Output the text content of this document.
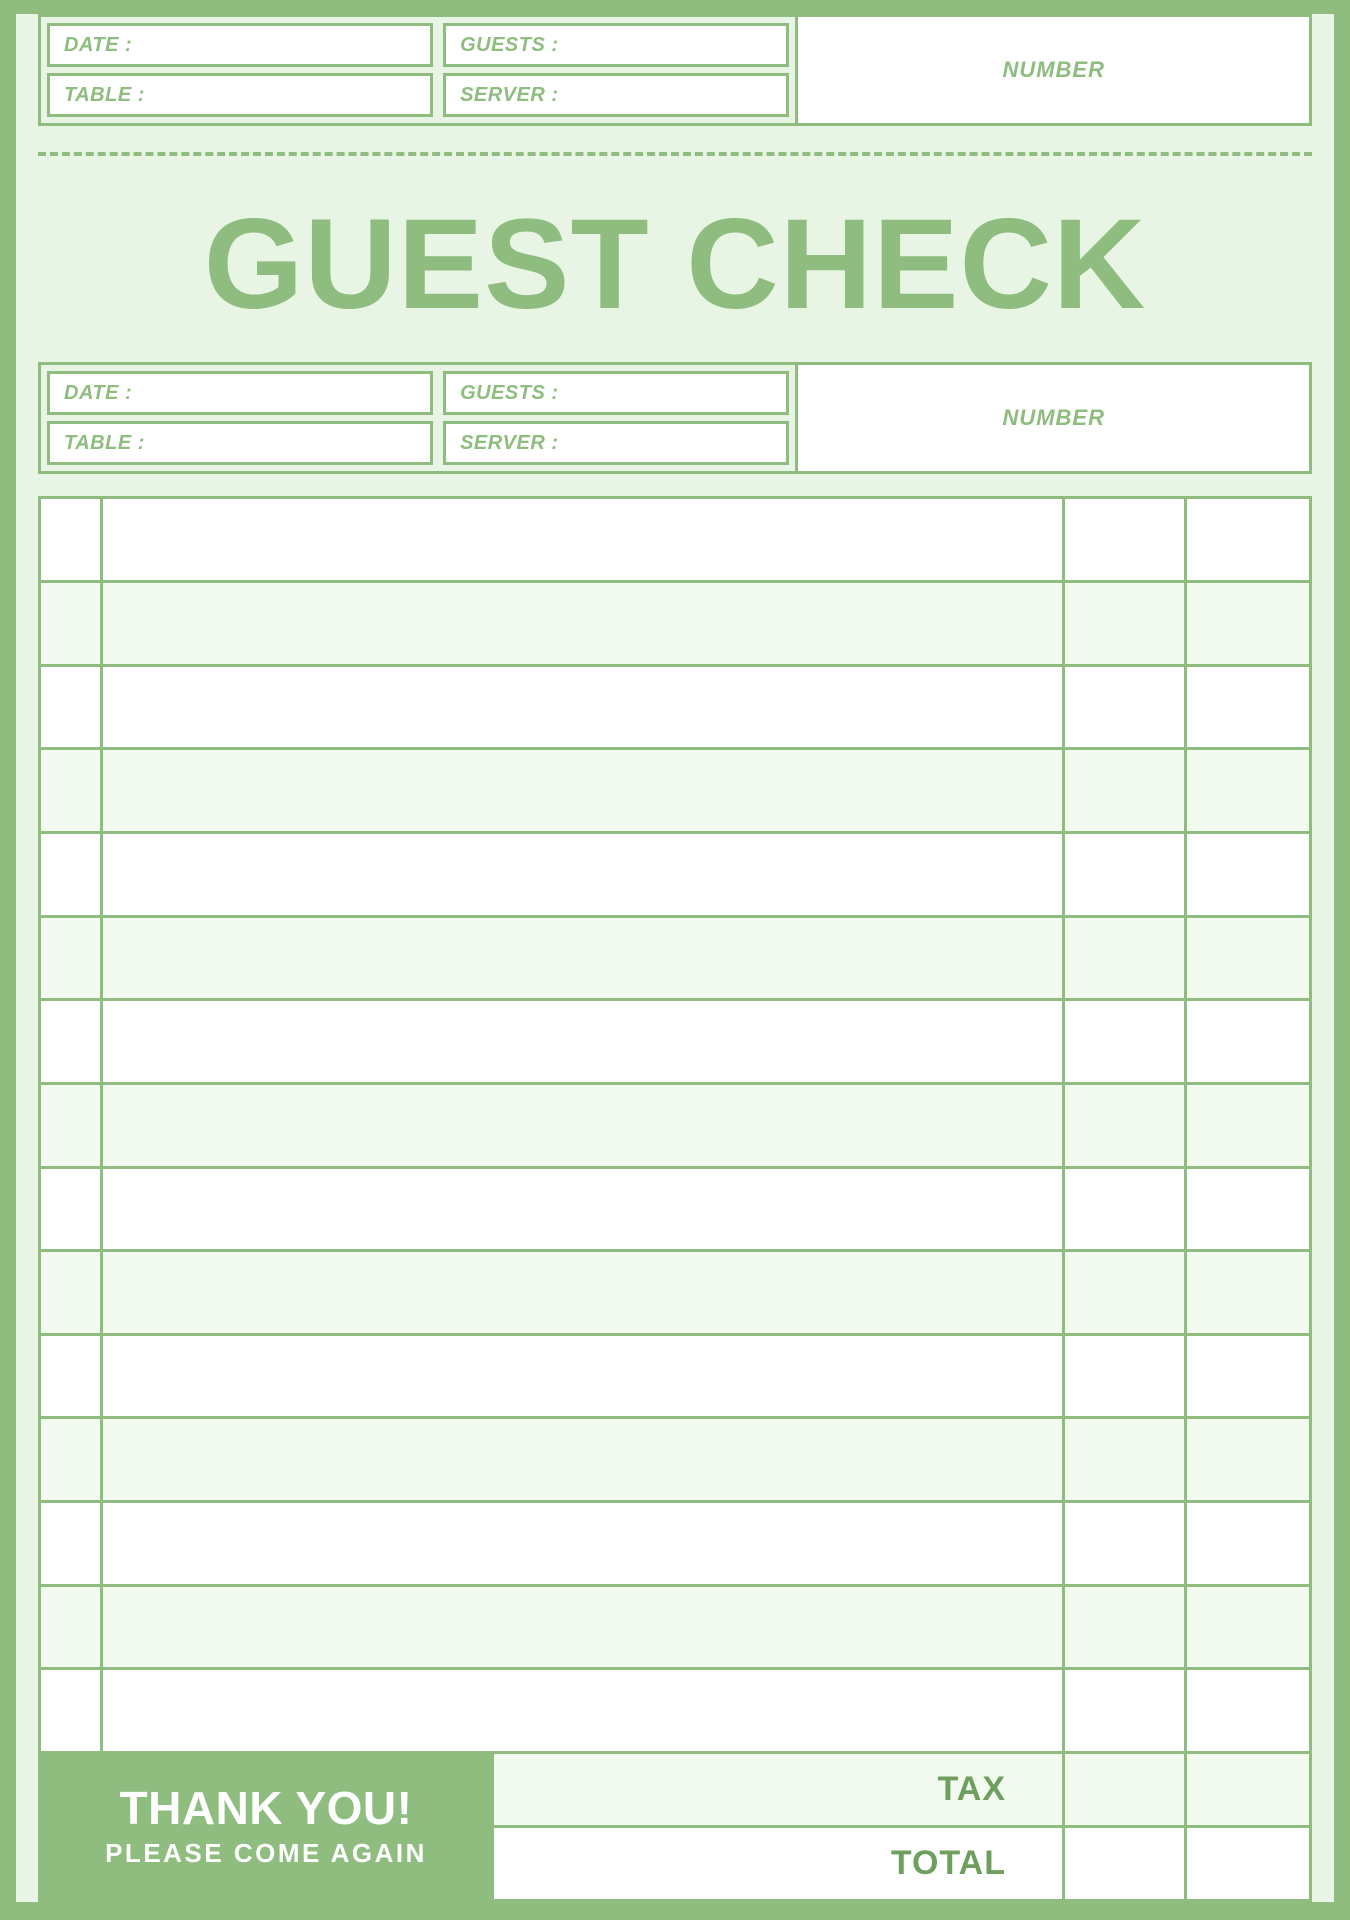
DATE :	GUESTS :
TABLE :	SERVER :
NUMBER
GUEST CHECK
DATE :	GUESTS :
TABLE :	SERVER :
NUMBER
THANK YOU!
PLEASE COME AGAIN
TAX
TOTAL
